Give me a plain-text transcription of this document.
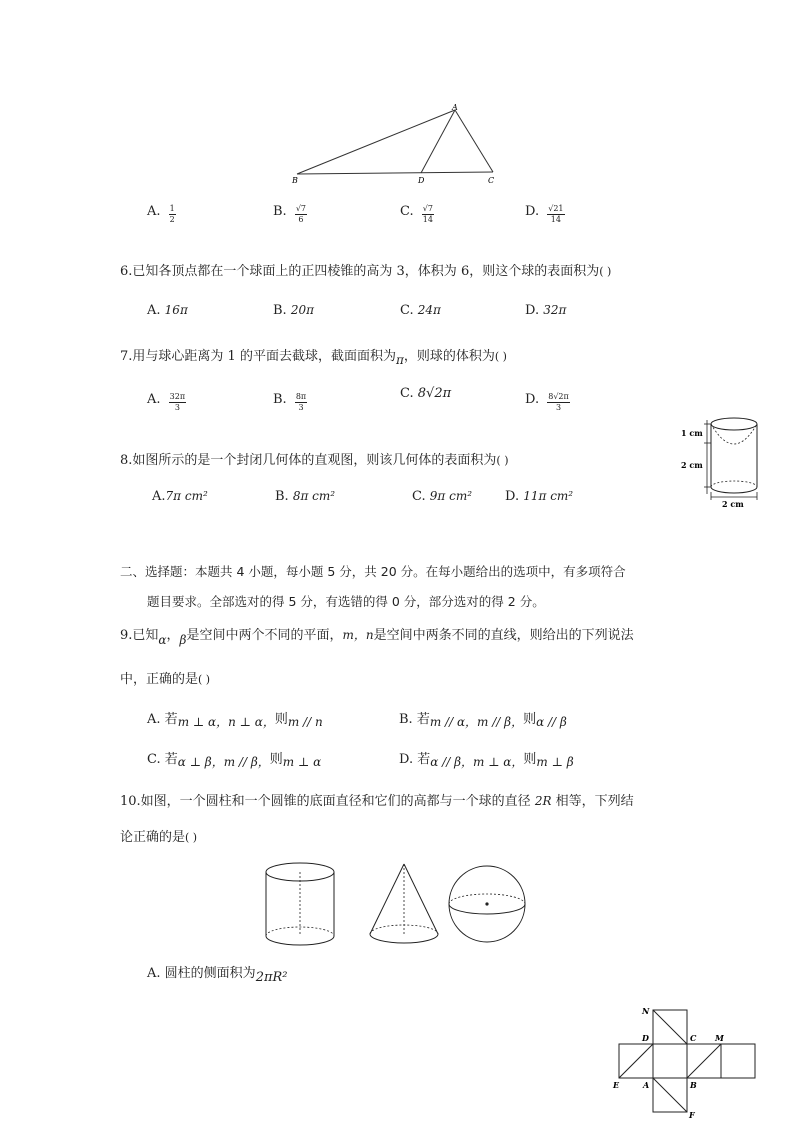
A
B	D	C
A. $\frac{1}{2}$	B. $\frac{√7}{6}$	C. $\frac{√7}{14}$	D. $\frac{√21}{14}$
6.已知各顶点都在一个球面上的正四棱锥的高为 3，体积为 6，则这个球的表面积为( )
A. 16π	B. 20π	C. 24π	D. 32π
7.用与球心距离为 1 的平面去截球，截面面积为π，则球的体积为( )
A. $\frac{32\pi}{3}$	B. $\frac{8\pi}{3}$	C. 8√2π	D. $\frac{8√2\pi}{3}$
8.如图所示的是一个封闭几何体的直观图，则该几何体的表面积为( )
A.7π cm²	B. 8π cm²	C. 9π cm²	D. 11π cm²
1 cm
2 cm
2 cm
二、选择题：本题共 4 小题，每小题 5 分，共 20 分。在每小题给出的选项中，有多项符合
题目要求。全部选对的得 5 分，有选错的得 0 分，部分选对的得 2 分。
9.已知α，β是空间中两个不同的平面，m，n是空间中两条不同的直线，则给出的下列说法
中，正确的是( )
A. 若m ⊥ α，n ⊥ α，则m // n	B. 若m // α，m // β，则α // β
C. 若α ⊥ β，m // β，则m ⊥ α	D. 若α // β，m ⊥ α，则m ⊥ β
10.如图，一个圆柱和一个圆锥的底面直径和它们的高都与一个球的直径 2R 相等，下列结
论正确的是( )
A. 圆柱的侧面积为2πR²
N
D	C M
E	A	B
F
